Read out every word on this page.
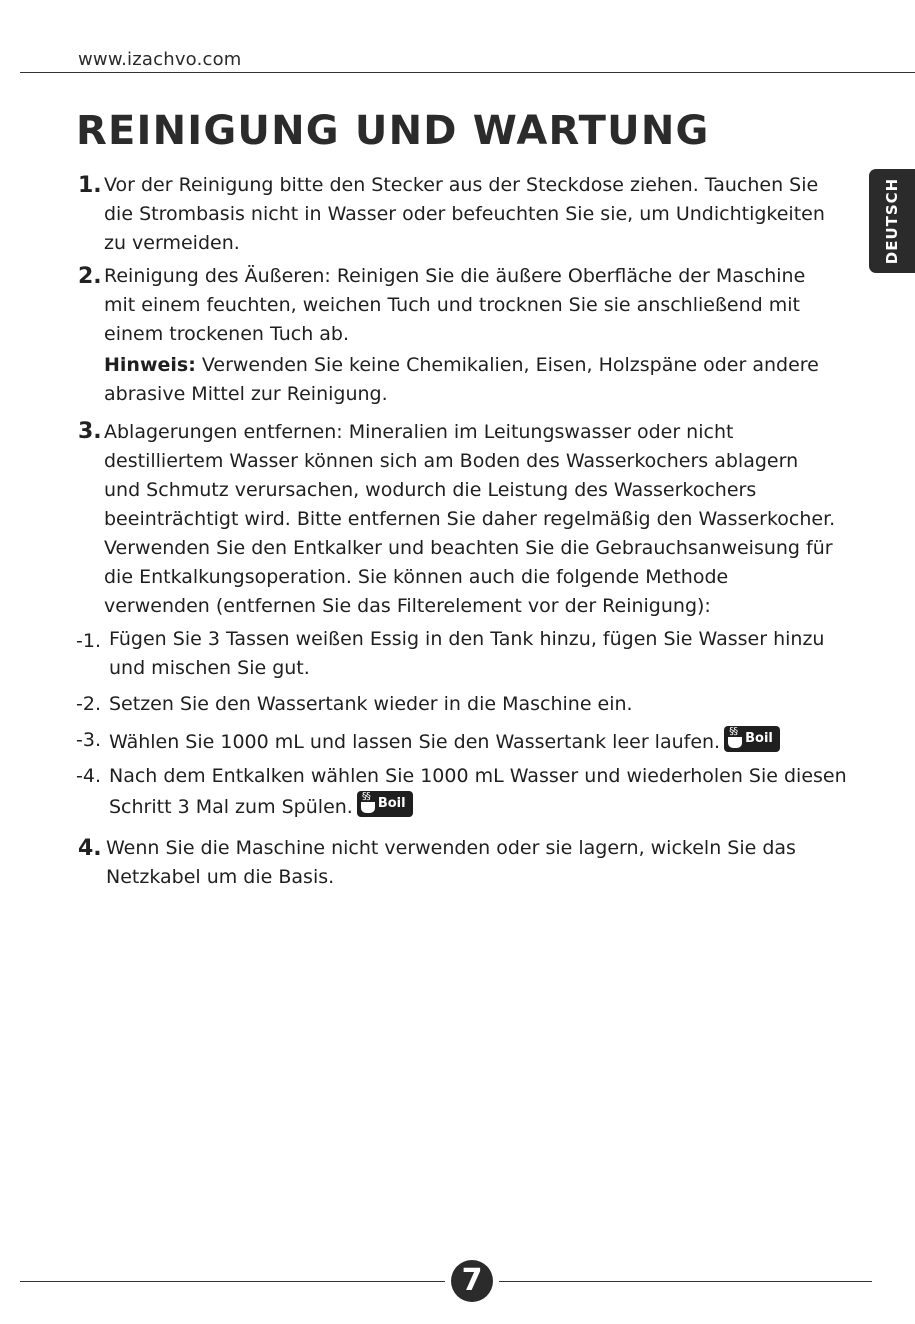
www.izachvo.com
REINIGUNG UND WARTUNG
DEUTSCH
1. Vor der Reinigung bitte den Stecker aus der Steckdose ziehen. Tauchen Sie
die Strombasis nicht in Wasser oder befeuchten Sie sie, um Undichtigkeiten
zu vermeiden.
2. Reinigung des Äußeren: Reinigen Sie die äußere Oberfläche der Maschine
mit einem feuchten, weichen Tuch und trocknen Sie sie anschließend mit
einem trockenen Tuch ab.
Hinweis: Verwenden Sie keine Chemikalien, Eisen, Holzspäne oder andere
abrasive Mittel zur Reinigung.
3. Ablagerungen entfernen: Mineralien im Leitungswasser oder nicht
destilliertem Wasser können sich am Boden des Wasserkochers ablagern
und Schmutz verursachen, wodurch die Leistung des Wasserkochers
beeinträchtigt wird. Bitte entfernen Sie daher regelmäßig den Wasserkocher.
Verwenden Sie den Entkalker und beachten Sie die Gebrauchsanweisung für
die Entkalkungsoperation. Sie können auch die folgende Methode
verwenden (entfernen Sie das Filterelement vor der Reinigung):
-1. Fügen Sie 3 Tassen weißen Essig in den Tank hinzu, fügen Sie Wasser hinzu
und mischen Sie gut.
-2. Setzen Sie den Wassertank wieder in die Maschine ein.
-3. Wählen Sie 1000 mL und lassen Sie den Wassertank leer laufen. §§ Boil
-4. Nach dem Entkalken wählen Sie 1000 mL Wasser und wiederholen Sie diesen
Schritt 3 Mal zum Spülen. §§ Boil
4. Wenn Sie die Maschine nicht verwenden oder sie lagern, wickeln Sie das
Netzkabel um die Basis.
7
